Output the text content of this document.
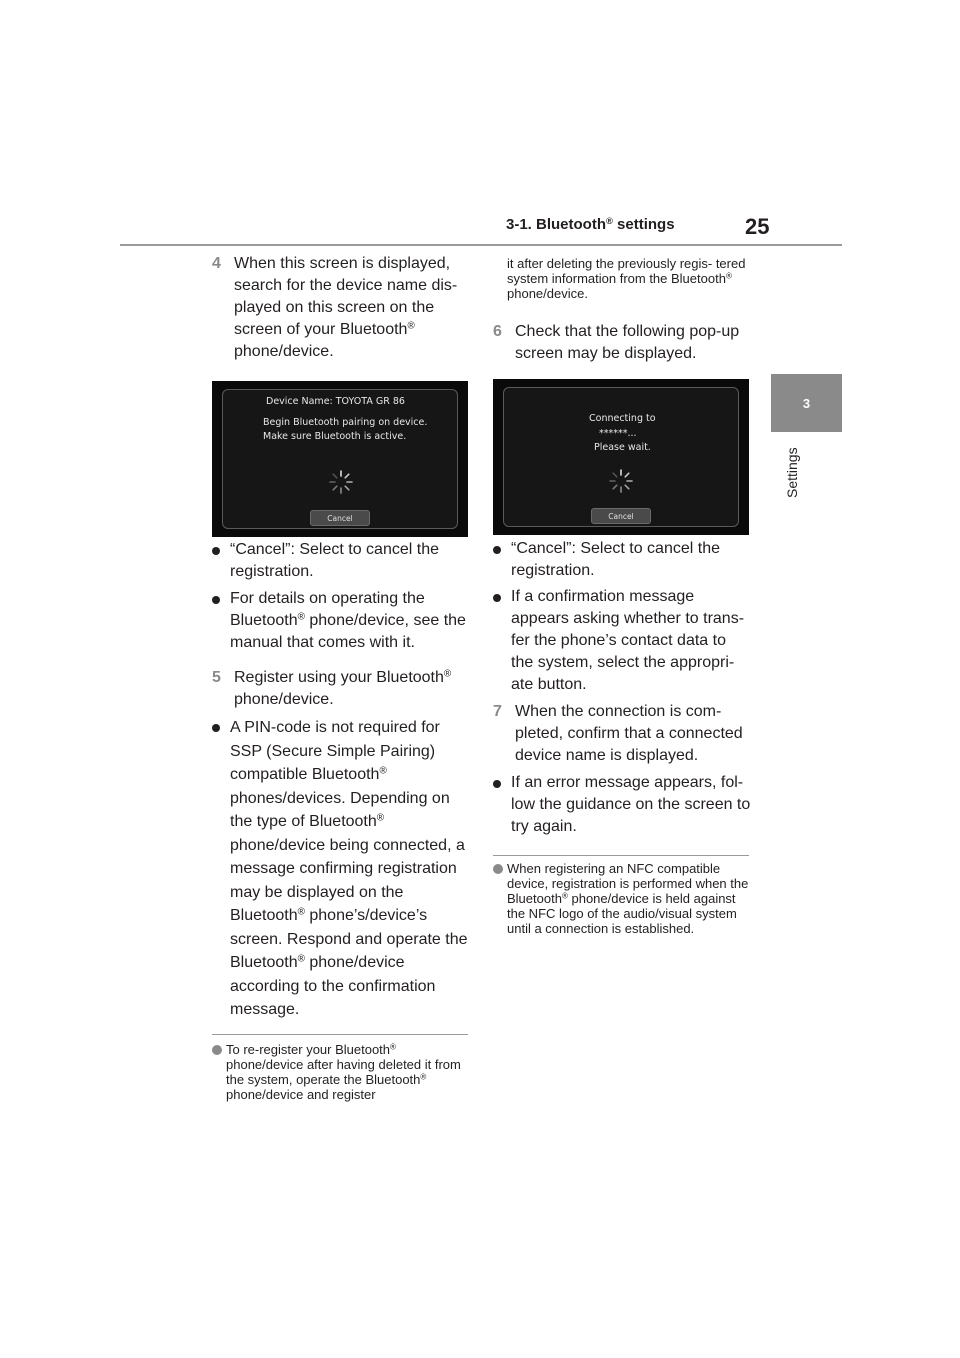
3-1. Bluetooth® settings	25
3
Settings
4 When this screen is displayed, search for the device name dis- played on this screen on the screen of your Bluetooth® phone/device.
Device Name: TOYOTA GR 86
Begin Bluetooth pairing on device.
Make sure Bluetooth is active.
Cancel
“Cancel”: Select to cancel the registration.
For details on operating the Bluetooth® phone/device, see the manual that comes with it.
5 Register using your Bluetooth® phone/device.
A PIN-code is not required for SSP (Secure Simple Pairing) compatible Bluetooth® phones/devices. Depending on the type of Bluetooth® phone/device being connected, a message confirming registration may be displayed on the Bluetooth® phone’s/device’s screen. Respond and operate the Bluetooth® phone/device according to the confirmation message.
To re-register your Bluetooth® phone/device after having deleted it from the system, operate the Bluetooth® phone/device and register
it after deleting the previously regis- tered system information from the Bluetooth® phone/device.
6 Check that the following pop-up screen may be displayed.
Connecting to
******...
Please wait.
Cancel
“Cancel”: Select to cancel the registration.
If a confirmation message appears asking whether to trans- fer the phone’s contact data to the system, select the appropri- ate button.
7 When the connection is com- pleted, confirm that a connected device name is displayed.
If an error message appears, fol- low the guidance on the screen to try again.
When registering an NFC compatible device, registration is performed when the Bluetooth® phone/device is held against the NFC logo of the audio/visual system until a connection is established.
